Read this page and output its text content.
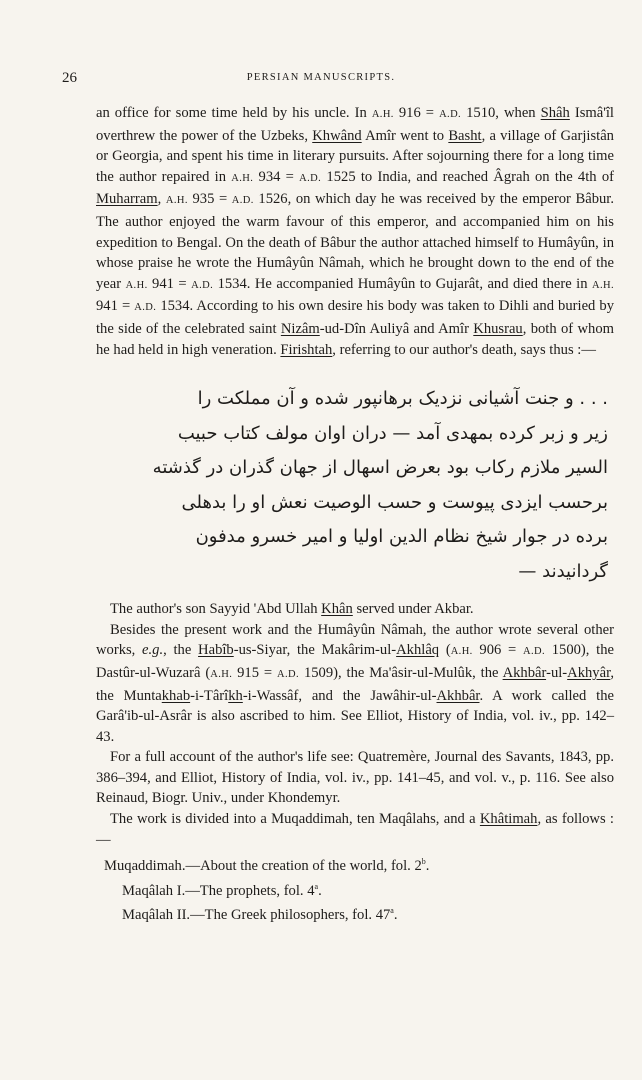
26	PERSIAN MANUSCRIPTS.

an office for some time held by his uncle. In A.H. 916 = A.D. 1510, when Shâh Ismâ'îl overthrew the power of the Uzbeks, Khwând Amîr went to Basht, a village of Garjistân or Georgia, and spent his time in literary pursuits. After sojourning there for a long time the author repaired in A.H. 934 = A.D. 1525 to India, and reached Âgrah on the 4th of Muharram, A.H. 935 = A.D. 1526, on which day he was received by the emperor Bâbur. The author enjoyed the warm favour of this emperor, and accompanied him on his expedition to Bengal. On the death of Bâbur the author attached himself to Humâyûn, in whose praise he wrote the Humâyûn Nâmah, which he brought down to the end of the year A.H. 941 = A.D. 1534. He accompanied Humâyûn to Gujarât, and died there in A.H. 941 = A.D. 1534. According to his own desire his body was taken to Dihli and buried by the side of the celebrated saint Nizâm-ud-Dîn Auliyâ and Amîr Khusrau, both of whom he had held in high veneration. Firishtah, referring to our author's death, says thus :—

. . . و جنت آشیانی نزدیک برهانپور شده و آن مملکت را
زیر و زبر کرده بمهدی آمد — دران اوان مولف کتاب حبیب
السیر ملازم رکاب بود بعرض اسهال از جهان گذران در گذشته
برحسب ایزدی پیوست و حسب الوصیت نعش او را بدهلی
برده در جوار شیخ نظام الدین اولیا و امیر خسرو مدفون
گردانیدند —

The author's son Sayyid 'Abd Ullah Khân served under Akbar.

Besides the present work and the Humâyûn Nâmah, the author wrote several other works, e.g., the Habîb-us-Siyar, the Makârim-ul-Akhlâq (A.H. 906 = A.D. 1500), the Dastûr-ul-Wuzarâ (A.H. 915 = A.D. 1509), the Ma'âsir-ul-Mulûk, the Akhbâr-ul-Akhyâr, the Muntakhab-i-Târîkh-i-Wassâf, and the Jawâhir-ul-Akhbâr. A work called the Garâ'ib-ul-Asrâr is also ascribed to him. See Elliot, History of India, vol. iv., pp. 142–43.

For a full account of the author's life see: Quatremère, Journal des Savants, 1843, pp. 386–394, and Elliot, History of India, vol. iv., pp. 141–45, and vol. v., p. 116. See also Reinaud, Biogr. Univ., under Khondemyr.

The work is divided into a Muqaddimah, ten Maqâlahs, and a Khâtimah, as follows :—

Muqaddimah.—About the creation of the world, fol. 2$^b$.
Maqâlah I.—The prophets, fol. 4$^a$.
Maqâlah II.—The Greek philosophers, fol. 47$^a$.
